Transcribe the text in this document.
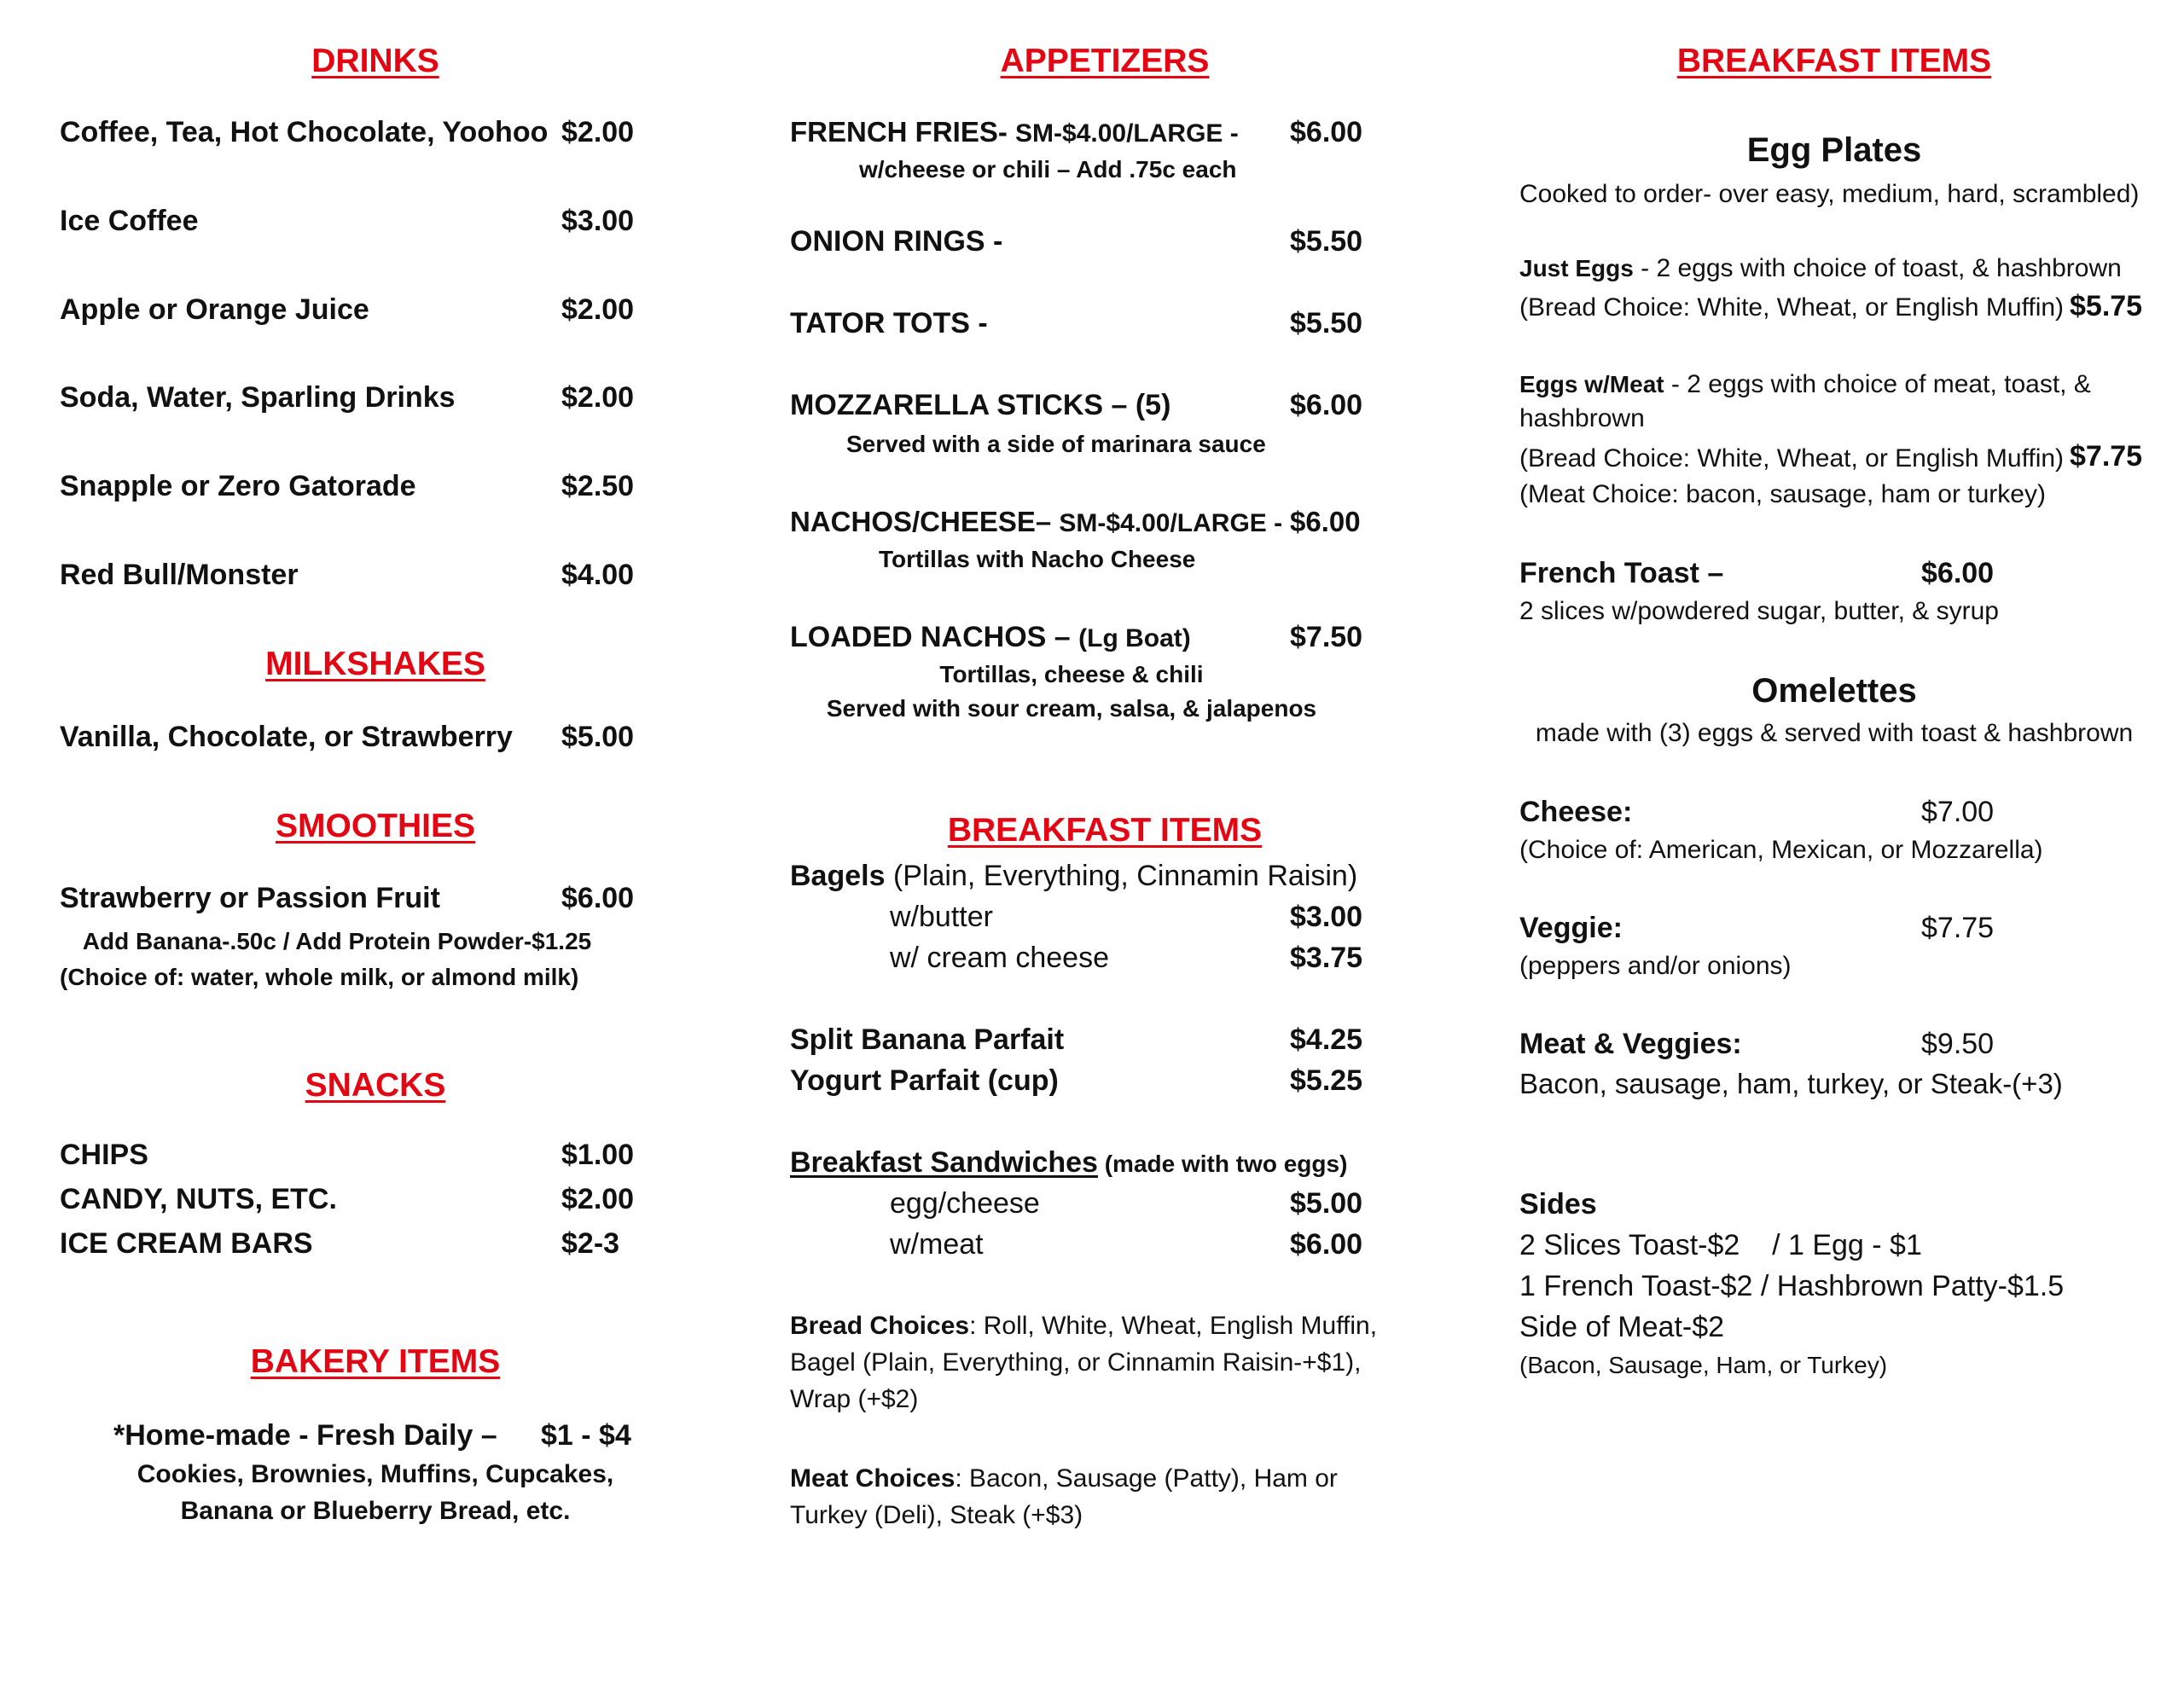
DRINKS
Coffee, Tea, Hot Chocolate, Yoohoo $2.00
Ice Coffee	$3.00
Apple or Orange Juice	$2.00
Soda, Water, Sparling Drinks	$2.00
Snapple or Zero Gatorade	$2.50
Red Bull/Monster	$4.00
MILKSHAKES
Vanilla, Chocolate, or Strawberry $5.00
SMOOTHIES
Strawberry or Passion Fruit	$6.00
Add Banana-.50c / Add Protein Powder-$1.25
(Choice of: water, whole milk, or almond milk)
SNACKS
CHIPS	$1.00
CANDY, NUTS, ETC.	$2.00
ICE CREAM BARS	$2-3
BAKERY ITEMS
*Home-made - Fresh Daily – $1 - $4
Cookies, Brownies, Muffins, Cupcakes,
Banana or Blueberry Bread, etc.
APPETIZERS
FRENCH FRIES- SM-$4.00/LARGE - $6.00
w/cheese or chili – Add .75c each
ONION RINGS -	$5.50
TATOR TOTS -	$5.50
MOZZARELLA STICKS – (5)	$6.00
Served with a side of marinara sauce
NACHOS/CHEESE– SM-$4.00/LARGE - $6.00
Tortillas with Nacho Cheese
LOADED NACHOS – (Lg Boat)	$7.50
Tortillas, cheese & chili
Served with sour cream, salsa, & jalapenos
BREAKFAST ITEMS
Bagels (Plain, Everything, Cinnamin Raisin)
w/butter	$3.00
w/ cream cheese	$3.75
Split Banana Parfait	$4.25
Yogurt Parfait (cup)	$5.25
Breakfast Sandwiches (made with two eggs)
egg/cheese	$5.00
w/meat	$6.00
Bread Choices: Roll, White, Wheat, English Muffin,
Bagel (Plain, Everything, or Cinnamin Raisin-+$1),
Wrap (+$2)
Meat Choices: Bacon, Sausage (Patty), Ham or
Turkey (Deli), Steak (+$3)
BREAKFAST ITEMS
Egg Plates
Cooked to order- over easy, medium, hard, scrambled)
Just Eggs - 2 eggs with choice of toast, & hashbrown
(Bread Choice: White, Wheat, or English Muffin) $5.75
Eggs w/Meat - 2 eggs with choice of meat, toast, &
hashbrown
(Bread Choice: White, Wheat, or English Muffin) $7.75
(Meat Choice: bacon, sausage, ham or turkey)
French Toast –	$6.00
2 slices w/powdered sugar, butter, & syrup
Omelettes
made with (3) eggs & served with toast & hashbrown
Cheese:	$7.00
(Choice of: American, Mexican, or Mozzarella)
Veggie:	$7.75
(peppers and/or onions)
Meat & Veggies:	$9.50
Bacon, sausage, ham, turkey, or Steak-(+3)
Sides
2 Slices Toast-$2    / 1 Egg - $1
1 French Toast-$2 / Hashbrown Patty-$1.5
Side of Meat-$2
(Bacon, Sausage, Ham, or Turkey)
